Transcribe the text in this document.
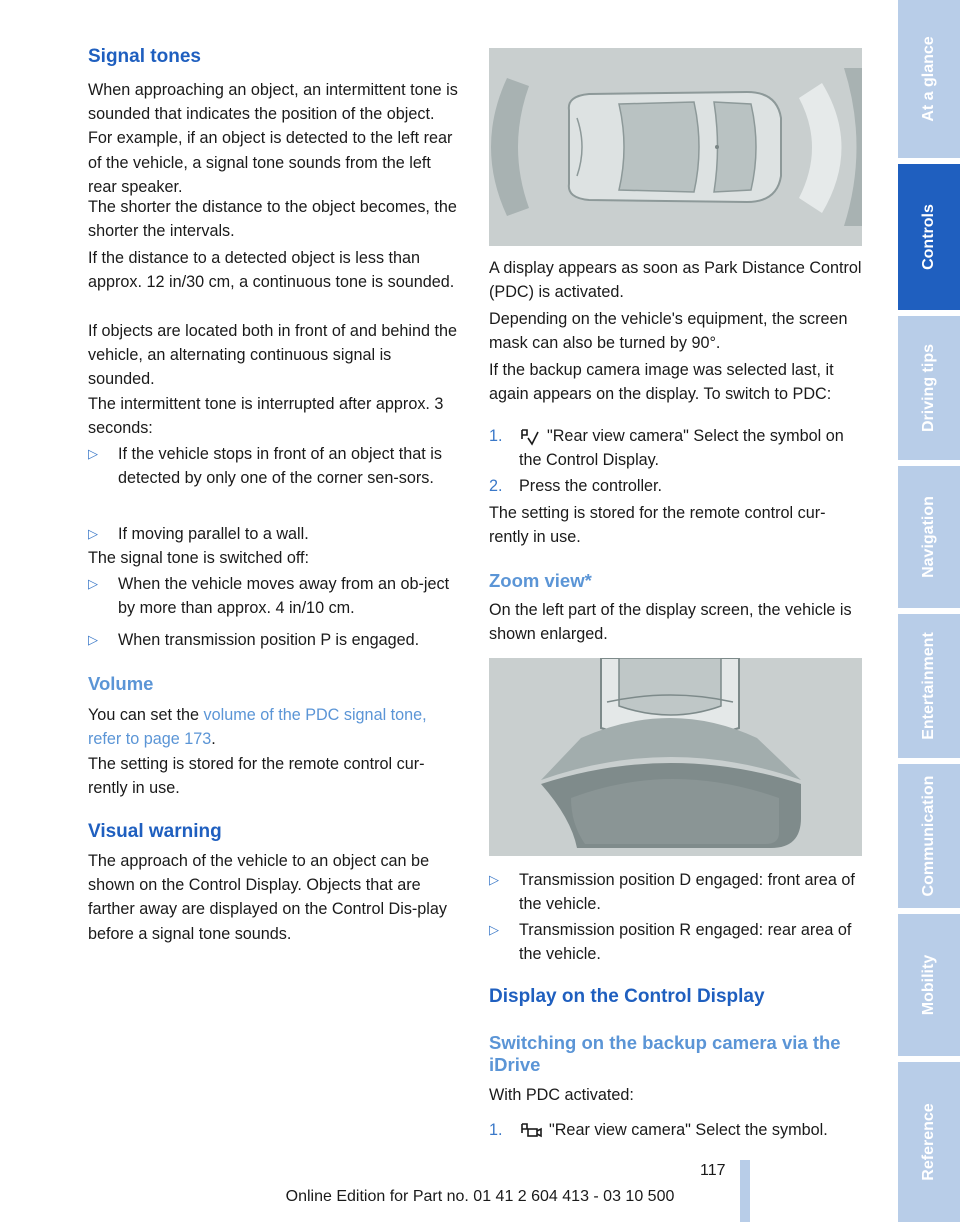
Signal tones

When approaching an object, an intermittent tone is sounded that indicates the position of the object. For example, if an object is detected to the left rear of the vehicle, a signal tone sounds from the left rear speaker.

The shorter the distance to the object becomes, the shorter the intervals.

If the distance to a detected object is less than approx. 12 in/30 cm, a continuous tone is sounded.

If objects are located both in front of and behind the vehicle, an alternating continuous signal is sounded.

The intermittent tone is interrupted after approx. 3 seconds:

▷ If the vehicle stops in front of an object that is detected by only one of the corner sen‐sors.
▷ If moving parallel to a wall.

The signal tone is switched off:

▷ When the vehicle moves away from an ob‐ject by more than approx. 4 in/10 cm.
▷ When transmission position P is engaged.
Volume

You can set the volume of the PDC signal tone, refer to page 173.

The setting is stored for the remote control cur‐rently in use.

Visual warning

The approach of the vehicle to an object can be shown on the Control Display. Objects that are farther away are displayed on the Control Dis‐play before a signal tone sounds.

A display appears as soon as Park Distance Control (PDC) is activated.

Depending on the vehicle's equipment, the screen mask can also be turned by 90°.

If the backup camera image was selected last, it again appears on the display. To switch to PDC:

1.	"Rear view camera" Select the symbol on the Control Display.
2. Press the controller.

The setting is stored for the remote control cur‐rently in use.

Zoom view*

On the left part of the display screen, the vehicle is shown enlarged.

▷ Transmission position D engaged: front area of the vehicle.
▷ Transmission position R engaged: rear area of the vehicle.
Display on the Control Display
Switching on the backup camera via the iDrive

With PDC activated:

1.	"Rear view camera" Select the symbol.
At a glance
Controls
Driving tips
Navigation
Entertainment
Communication
Mobility
Reference
117
Online Edition for Part no. 01 41 2 604 413 - 03 10 500
